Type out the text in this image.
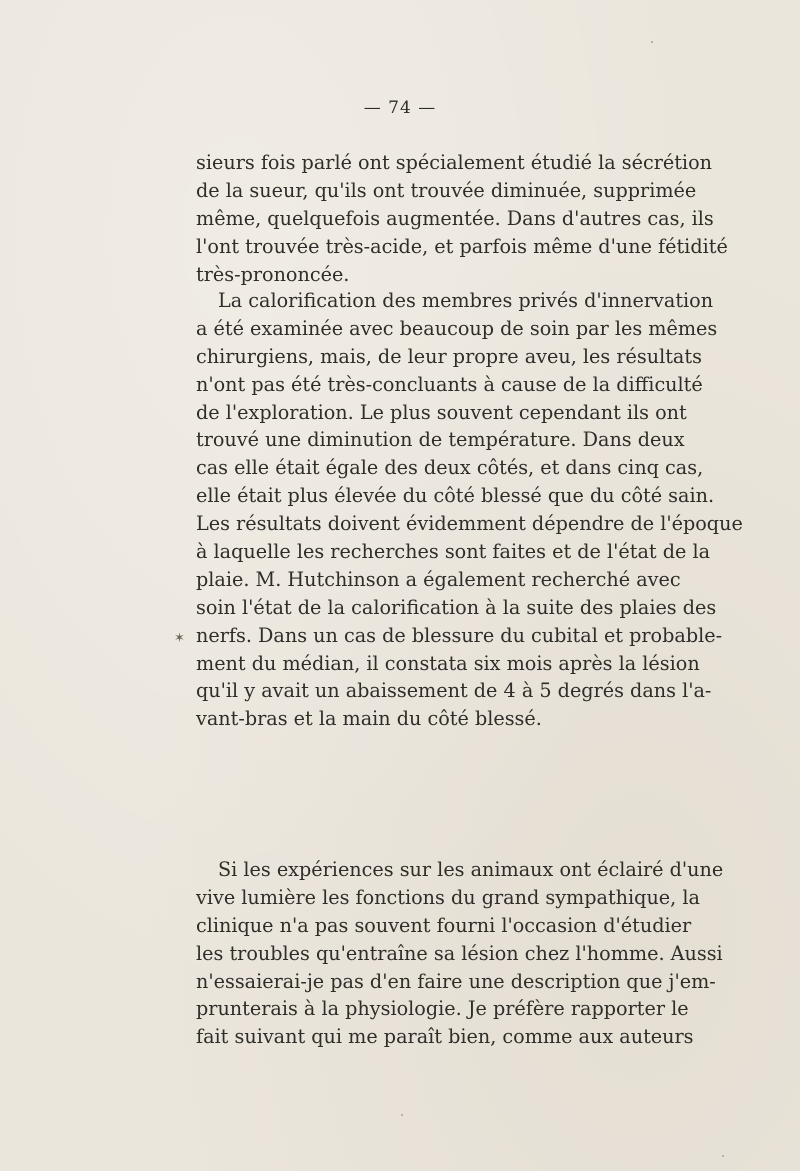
— 74 —
✶
sieurs fois parlé ont spécialement étudié la sécrétion
de la sueur, qu'ils ont trouvée diminuée, supprimée
même, quelquefois augmentée. Dans d'autres cas, ils
l'ont trouvée très-acide, et parfois même d'une fétidité
très-prononcée.
La calorification des membres privés d'innervation
a été examinée avec beaucoup de soin par les mêmes
chirurgiens, mais, de leur propre aveu, les résultats
n'ont pas été très-concluants à cause de la difficulté
de l'exploration. Le plus souvent cependant ils ont
trouvé une diminution de température. Dans deux
cas elle était égale des deux côtés, et dans cinq cas,
elle était plus élevée du côté blessé que du côté sain.
Les résultats doivent évidemment dépendre de l'époque
à laquelle les recherches sont faites et de l'état de la
plaie. M. Hutchinson a également recherché avec
soin l'état de la calorification à la suite des plaies des
nerfs. Dans un cas de blessure du cubital et probable-
ment du médian, il constata six mois après la lésion
qu'il y avait un abaissement de 4 à 5 degrés dans l'a-
vant-bras et la main du côté blessé.
Si les expériences sur les animaux ont éclairé d'une
vive lumière les fonctions du grand sympathique, la
clinique n'a pas souvent fourni l'occasion d'étudier
les troubles qu'entraîne sa lésion chez l'homme. Aussi
n'essaierai-je pas d'en faire une description que j'em-
prunterais à la physiologie. Je préfère rapporter le
fait suivant qui me paraît bien, comme aux auteurs
